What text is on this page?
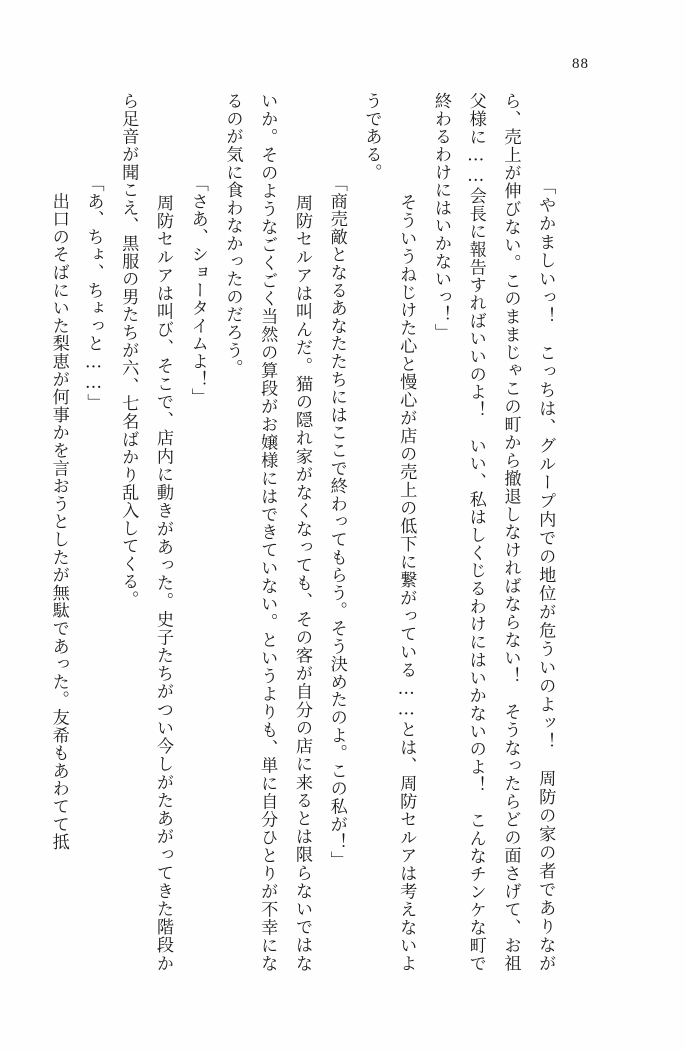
88

「やかましいっ！　こっちは、グループ内での地位が危ういのよッ！　周防の家の者でありながら、売上が伸びない。このままじゃこの町から撤退しなければならない！　そうなったらどの面さげて、お祖父様に……会長に報告すればいいのよ！　いい、私はしくじるわけにはいかないのよ！　こんなチンケな町で終わるわけにはいかないっ！」
　そういうねじけた心と慢心が店の売上の低下に繋がっている……とは、周防セルアは考えないようである。
「商売敵となるあなたたちにはここで終わってもらう。そう決めたのよ。この私が！」
　周防セルアは叫んだ。猫の隠れ家がなくなっても、その客が自分の店に来るとは限らないではないか。そのようなごくごく当然の算段がお嬢様にはできていない。というよりも、単に自分ひとりが不幸になるのが気に食わなかったのだろう。
「さあ、ショータイムよ！」
　周防セルアは叫び、そこで、店内に動きがあった。史子たちがつい今しがたあがってきた階段から足音が聞こえ、黒服の男たちが六、七名ばかり乱入してくる。
「あ、ちょ、ちょっと……」
　出口のそばにいた梨恵が何事かを言おうとしたが無駄であった。友希もあわてて抵
